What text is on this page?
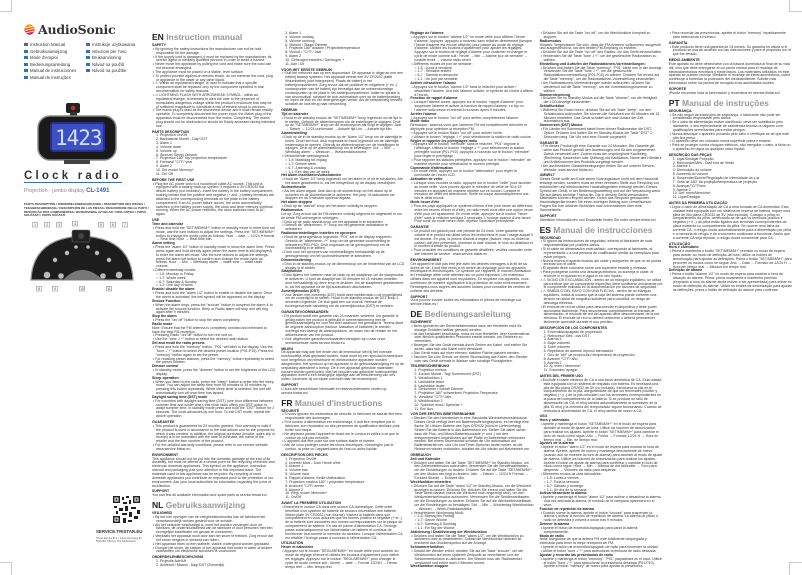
AudioSonic
Instruction Manual	Instrukcje użytkowania
Gebruiksaanwijzing	Istruzioni per l'uso
Mode d'emploi	Bruksanvisning
Bedienungsanleitung	Návod na použití
Manual de instrucciones	Návod na použitie
Manual de instruções
1423
Clock radio
Projection - jumbo display CL-1491
PARTS DESCRIPTION / ONDERDELENBESCHRIJVING / DESCRIPTION DES PIÈCES / TEILEBESCHREIBUNG / DESCRIPCIÓN DE LAS PIEZAS / DESCRIZIONE DELLE PARTI / DESCRIÇÃO DOS COMPONENTES / BESKRIVNING AV DELAR / OPIS CZĘŚCI / POPIS SOUČÁSTÍ / POPIS SÚČASTÍ
1	2	3	4	5	6	7
8	9	10	11
SERVICE.TRISTAR.EU
Tristar Europe B.V. | Jules Verneweg 87,
5015 BH Tilburg | The Netherlands
EN Instruction manual
SAFETY
• By ignoring the safety instructions the manufacturer can not be hold responsible for the damage.
• If the supply cord is damaged, it must be replaced by the manufacturer, its service agent or similarly qualified persons in order to avoid a hazard.
• Never move the appliance by pulling the cord and make sure the cord can not become entangled.
• The appliance must be placed on a stable, level surface.
• To protect yourself against an electric shock, do not immerse the cord, plug or appliance in the water or any other liquid.
• ⚠ Within an equilateral triangle, is used to indicate that a specific component shall be replaced only by the component specified in that documentation for safety reasons.
• ⚠ LIGHTNING FLASH WITH ARROWHEAD SYMBOL - within an equilateral triangle, is intended to alert the user to the presence of uninsulated dangerous voltage within the product's enclosure that may be of sufficient magnitude to constitute a risk of electric shock to persons.
• The mains plug is used as the disconnect device and it shall remain readily operable. To completely disconnect the power input, the Mains plug of the apparatus must be disconnected from the mains. Completely. The mains plug should not be obstructed or should be Easily accessed during intended use.
PARTS DESCRIPTION
1. Projection On/Off
2. Backwards/ Month - Day/ DST
3. Alarm 1
4. Volume down
5. Volume up
6. Snooze/ Sleep/ Dimmer
7. Projection 180° flip/ projection temperature
8. Forward/ °C/°F/ year
9. Alarm 2
10. Set mode/ Memory+
11. On/ Off
BEFORE THE FIRST USE
• Plug the AC power cord to a household outlet AC source. This unit is equipped with a battery back-up system; it requires a 3V CR2032 flat lithium battery (not included). Insert the battery in the battery compartment, making certain that the positive and negative (+ and -) battery terminals are attached to the corresponding terminals on the plate in the battery compartment. If an AC power failure occurs, the clock automatically switches to the battery power supply, the clock and timer memory continue running. When the AC power resumes, the clock switches back to AC again.
USE
Time and calendar
• Press and hold the "SET/MEM/M+" button in standby mode to enter time set mode, use the tune buttons to adjust the settings. Press the "SET/MEM/M+" button to change the mode cycle as follows: Year → date → 12/24 H format → Real time Hour → Real time Min.
Alarm setting
• Press the "alarm 1/2" button in standby mode to show the alarm time. Press, press again and hold directly again (when the alarm time is still displayed) to enter the alarm set mode. Use the tune buttons to adjust the settings, press the alarm set button to confirm and change the mode cycle as follows: Hour → Min → Weekday alarm → wake tone → wake radio volume.
• Different weekday modes:
○ 1-5: Monday to Friday
○ 1-7: Whole week
○ 6-7: Saturday & Sunday
○ 1-1: One day of week
Enable/ disable the alarm
• Press and hold the "alarm 1/2" button to enable or disable the alarm. Once the alarm is activated, the bell symbol will be appeared on the display.
Snooze Function
• When the alarm rings, press the "snooze" button to suspend the alarm & to activate the snooze function. Beep or Radio alarm will stop and will ring again after 9 minutes.
Stop the alarm
• Press the "on/ off" button to stop the alarm completely.
Radio mode
Note: Ensure that the FM antenna is completely unrolled and extended to have the best FM reception.
• Pressing Radio "on/ off" button to turn the unit on.
• Use the "tune -/ +" button to select the desired radio station.
Set and recall the radio presets
• Press and hold the "memory" button. "P01" will blink in the display. Use the "tune -/ +" button to select the desired preset location (P01-P10). Press the "memory" button again to set the preset.
• For recalling preset stations, press the "memory" button repeatedly to select the preset number.
Dimmer control
• In standby mode, press the "dimmer" button to set the brightness of the LCD display.
Sleep operation
• When you listen to the radio, press the "sleep" button to enter into the sleep mode. You can adjust the sleep time from 90 minutes to 15 minutes by pressing this button repeatedly. When sleep timer is selected, the unit will automatically turn off once time has lapsed.
Daylight saving time (DST) mode
• For countries with daylight saving time (DST) (one hour difference between summer time and winter time), this clock radio offers you DST option to adapt summer time. In standby mode press and hold the "DST" button for 2 seconds. The clock advances by one hour. To exit DST mode, repeat the above operation.
GUARANTEE
• This product is guaranteed for 24 months granted. Your warranty is valid if the product is used in accordance to the instructions and for the purpose for which it was created. In addition, the original purchase (invoice, sales slip or receipt) is to be submitted with the date of purchase, the name of the retailer and the item number of the product.
• For the detailed warranty conditions, please refer to our service website: www.service.tristar.eu
ENVIRONMENT
This appliance should not be put into the domestic garbage at the end of its durability, but must be offered at a central point for the recycling of electric and electronic domestic appliances. This symbol on the appliance, instruction manual and packaging puts your attention to this important issue. The materials used in this appliance can be recycled. By recycling of used domestic appliances you contribute an important push to the protection of our environment. Ask your local authorities for information regarding the point of recollection.
SUPPORT
You can find all available information and spare parts at service.tristar.eu!
NL Gebruiksaanwijzing
VEILIGHEID
• Bij het niet opvolgen van de veiligheidsinstructies kan de fabrikant niet verantwoordelijk worden gesteld voor de schade.
• Als het netsnoer beschadigd is, moet het worden vervangen door de fabrikant, de onderhoudsdienst van de fabrikant of door personen met een soortgelijke kwalificatie om gevaar te voorkomen.
• Verplaats het apparaat nooit door aan het snoer te trekken. Zorg ervoor dat het snoer nergens in verward kan raken.
• Het apparaat moet op een stabiele, vlakke ondergrond worden geplaatst.
• Dompel het snoer, de stekker of het apparaat niet onder in water of andere vloeistoffen om elektrische schokken te voorkomen.
ONDERDELENBESCHRIJVING
1. Projectie Aan/Uit
2. Achteruit / Maand - Dag/ DST (Zomertijd)
3. Alarm 1
4. Volume omlaag
5. Volume omhoog
6. Sluimer / Slaap/ Dimmer
7. Projectie 180° draaien / Projectietemperatuur
8. Vooruit / °C/°F / Jaar
9. Alarm 2
10. Geheugen instellen / Geheugen +
11. Aan / Uit
VOOR HET EERSTE GEBRUIK
• Sluit het netsnoer aan op een stopcontact. Dit apparaat is uitgerust met een batterij backup systeem. Het apparaat vereist een 3V CR2032 platte lithiumbatterij (niet inbegrepen). Plaats de batterij in het batterijcompartiment. Zorg ervoor dat de positieve en negatieve (+ en -) contactpunten van de batterij zijn bevestigd aan de overeenkomstige contactpunten op de plaat in het batterijcompartiment. Indien er sprake is van stroomuitval, schakelt de klok automatisch over op de batterijvoeding en lopen de klok en het timergeheugen verder. Als de netspanning herstelt, schakelt de klok terug naar netvoeding.
GEBRUIK
Tijd en kalender
• Houd in de standby-modus de "SET/MEM/M+" knop ingedrukt om de tijd in te stellen. Gebruik de afstemknoppen om de instellingen te wijzigen. Druk op de "SET/MEM/M+" knop om de moduscyclus als volgt te wijzigen: Jaar → Datum → 12/24 uurformaat → Actuele tijd Uur → Actuele tijd Min.
Alarminstelling
• Druk op de in de standby-modus op de "Alarm 1/2" knop om de alarmtijd te tonen. Druk hem kort, druk nogmaals en houd ingedrukt om de alarmtijd-instelmodus te openen. Gebruik de afstemknoppen om de instellingen te wijzigen. Druk op de alarminstelknop om te bevestigen: Uur → Min. → Weekdag alarm → Wektoon → Wekkerradiovolume.
• Verschillende weekdagmodi:
○ 1-5: Maandag tot vrijdag
○ 1-7: Gehele week
○ 6-7: Zaterdag & zondag
○ 1-1: Een dag van de week
Het alarm inschakelen/uitschakelen
• Houd de "Alarm 1/2" knop ingedrukt om het alarm in of uit te schakelen. Als het alarm geactiveerd is, zal het belsymbool op de display verschijnen.
Sluimerfunctie
• Als het alarm afgaat, druk dan op de sluimerknop om het alarm op te schorten en de sluimerfunctie te activeren. Het piep- of radioalarm zal stoppen en na 9 minuten opnieuw afgaan.
Het alarm stoppen
• Druk op de "aan/uit" knop om het alarm volledig te stoppen.
Radiomodus
Let op: Zorg ervoor dat de FM-antenne volledig uitgerold en uitgestrekt is om de beste FM-ontvangst te verkrijgen.
• Druk op de radio aan/uit-knop om het apparaat in te schakelen.
• Gebruik de "afstemmen -/+" knop om het gewenste radiostation te selecteren.
Radiovoorinstellingen instellen en oproepen
• Houd de geheugenknop ingedrukt. "P01" zal in de display knipperen. Gebruik de "afstemmen -/+" knop om de gewenste voorinstelling te selecteren (P01-P10). Druk nogmaals op de geheugenknop om de voorinstelling in te stellen.
• Druk voor het oproepen van voorinstellingen herhaaldelijk op de geheugenknop om het voorinstelnummer te selecteren.
Dimmerbediening
• Druk in de standby-modus op de dimmerknop om de helderheid van de LCD display in te stellen.
Slaapfunctie
• Druk tijdens het luisteren naar de radio op de slaapknop om de slaapmodus te activeren. U kunt de slaaptijd van 90 minuten tot 15 minuten instellen door herhaaldelijk op deze knop te drukken. Als de slaaptimer geselecteerd is, zal het apparaat na de tijd automatisch uitschakelen.
Zomertijdmodus (DST)
• Voor landen met zomertijd (DST) biedt deze wekkerradio u de mogelijkheid om de zomertijd in te stellen. Houd in de standby-modus de DST-knop 2 seconden ingedrukt. De klok gaat één uur vooruit. Herhaal de bovengenoemde handeling om de zomertijdmodus (DST) te verlaten.
GARANTIEVOORWAARDEN
• Dit product wordt een garantie van 24 maanden verleend. Uw garantie is geldig indien het product is gebruikt in overeenstemming met de gebruiksaanwijzing en voor het doel waarvoor het gemaakt is. Tevens dient de originele aankoopbon (factuur, kassabon of kwitantie) te worden overlegd met daarop de aankoopdatum, de naam van de retailer en het artikelnummer van het product.
• Voor uitgebreide garantievoorwaarden verwijzen wij u naar onze servicewebsite: www.service.tristar.eu
MILIEU
Dit apparaat mag aan het einde van de levensduur niet bij het normale huishoudelijk afval geplaatst worden, maar moet bij een speciaal inzamelpunt voor hergebruik van elektrische en elektronische apparaten worden aangeboden. Het symbool op het apparaat, in de gebruiksaanwijzing en op de verpakking attendeert u hierop. De in het apparaat gebruikte materialen kunnen worden gerecycled. Met het recyclen van gebruikte huishoudelijke apparaten levert u een belangrijke bijdrage aan de bescherming van ons milieu. Informeer bij uw lokale overheid naar het inzamelpunt.
SUPPORT
U kunt alle beschikbare informatie en reserveonderdelen vinden op service.tristar.eu!
FR Manuel d'instructions
SÉCURITÉ
• Si vous ignorez les instructions de sécurité, le fabricant ne saurait être tenu responsable des dommages.
• Si le cordon d'alimentation est endommagé, il doit être remplacé par le fabricant, son réparateur ou des personnes de qualification similaire pour éviter tout risque.
• Ne déplacez jamais l'appareil en tirant sur le cordon et veillez à ce que le cordon ne soit pas entortillé.
• L'appareil doit être posé sur une surface stable et nivelée.
• Afin de vous protéger contre les chocs électriques, n'immergez pas le cordon, la prise ou l'appareil dans de l'eau ou autre liquide.
DESCRIPTION DES PIÈCES
1. Projection On/Off
2. Inversé/ Mois - Jour/ Heure d'été
3. Alarme 1
4. Volume bas
5. Volume haut
6. Rappel d'alarme /Veille /Atténuation
7. Projection rotation 180° / projection température
8. Avancer/ °C/°F/ année
9. Alarme 2
10. Régl. mode/ Mémoire+
11. On/Off
AVANT LA PREMIÈRE UTILISATION
• Branchez le cordon CA dans une source CA domestique. Cette unité bénéficie d'un système de batterie de secours nécessitant une batterie lithium plate 3V CR2032 (non fournie). Insérez la batterie dans son compartiment en vous assurant que les bornes positive et négative (+ et -) de la batterie sont associées aux bornes correspondantes sur la plaque du compartiment de batterie. En cas de panne d'alimentation CA, l'horloge passe automatiquement sur l'alimentation de batterie et continue de fonctionner tout comme la mémoire du minuteur. Lorsque l'alimentation CA est rétablie, l'horloge passe à nouveau à l'alimentation CA.
UTILISATION
Heure et calendrier
• Appuyez sur le bouton "RÉGL/MÉM/M+" en mode veille pour accéder au mode de réglage d'heure et utilisez les boutons d'ajustement pour définir les réglages. Appuyez sur le bouton "RÉGL/MÉM/M+" pour changer le cycle de mode comme suit : Année → date → Format 12/24H → Heure temps réel → Min. temps réel.
Réglage de l'alarme
• Appuyez sur le bouton "alarme 1/2" en mode veille pour afficher l'heure d'alarme. Appuyez, appuyez à nouveau sans relâcher directement (lorsque l'heure d'alarme est encore affichée) pour passer au mode de réglage d'alarme. Utilisez les boutons d'ajustement pour ajuster les réglages. Appuyez sur le bouton de réglage d'alarme pour confirmer et changer le cycle de mode comme suit : Heure → Min → Alarme jour de semaine → tonalité réveil → volume radio réveil.
• Différents modes de jour de semaine :
○ 1-5 : Lundi à vendredi
○ 1-7 : Semaine entière
○ 6-7 : Samedi et dimanche
○ 1-1 : Un jour par semaine
Activer /désactiver l'alarme
• Appuyez sur le bouton "alarme 1/2" sans le relâcher pour activer / désactiver l'alarme. Une fois l'alarme activée, le symbole de cloche s'affiche à l'écran.
Fonction de rappel d'alarme
• Lorsque l'alarme sonne, appuyez sur le bouton "rappel d'alarme" pour suspendre l'alarme et activer la fonction de rappel d'alarme. Le bip ou l'alarme radio cesse et retentit à nouveau après 9 minutes.
Arrêter l'alarme
• Appuyez sur le bouton "on/ off" pour arrêter complètement l'alarme.
Mode radio
Remarque : assurez-vous que l'antenne FM est complètement déroulée et déployée pour optimiser la réception FM.
• Appuyez sur le bouton Radio "on/ off" pour activer l'unité.
• Utilisez le bouton "réglage -/ +" pour sélectionner la station de radio voulue.
Régler et rappeler les préréglages radio
• Appuyez sur le bouton "mémoire" sans le relâcher. "P01" clignote à l'affichage. Utilisez le bouton "réglage -/ +" pour sélectionner la station préréglée voulue (P01-P10). Appuyez à nouveau sur le bouton "mémoire" pour régler le préréglage.
• Pour rappeler les stations préréglées, appuyez sur le bouton "mémoire" de manière répétée pour sélectionner le numéro préréglé.
Commande d'atténuation
• En mode veille, appuyez sur le bouton "atténuation" pour régler la luminosité de l'écran LCD.
Activation de veille
• Lorsque vous écoutez la radio, appuyez sur le bouton "veille" pour accéder au mode veille. Vous pouvez ajuster le minuteur de veille de 90 à 15 minutes en appuyant de manière répétée sur ce bouton. Lorsque le minuteur de veille est sélectionné, l'unité se coupe automatiquement une fois le délai écoulé.
Mode heure d'été
• Pour les pays appliquant un système d'heure d'été (une heure de différence entre les heures d'hiver et d'été), ce radio réveil vous offre une option heure d'été pour cet ajustement. En mode veille, appuyez sur le bouton "heure d'été" sans le relâcher pendant 2 secondes. L'horloge avance d'une heure. Pour sortir du mode heure d'été, répétez l'opération précédente.
GARANTIE
• Ce produit est garanti pour une période de 24 mois. Votre garantie est valable si le produit est utilisé selon les instructions et pour l'usage auquel il est destiné. En plus, la preuve d'achat d'origine (facture, reçu ou ticket de caisse) doit être présentée, montrant la date d'achat, le nom du détaillant et le numéro d'article du produit.
• Pour consulter les conditions de garantie détaillées, veuillez consulter notre site Internet de service : www.service.tristar.eu
ENVIRONNEMENT
Cet appareil ne doit pas être jeté avec les déchets ménagers à la fin de sa durée de vie, il doit être remis à un centre de recyclage pour les appareils électriques et électroniques. Ce symbole sur l'appareil, le manuel d'utilisation et l'emballage attire votre attention sur ce point important. Les matériaux utilisés dans cet appareil sont recyclables. En recyclant vos appareils, vous contribuez de manière significative à la protection de notre environnement. Renseignez-vous auprès des autorités locales pour connaître les centres de collecte des déchets.
SUPPORT
Vous pouvez trouver toutes les informations et pièces de rechange sur service.tristar.eu !
DE Bedienungsanleitung
SICHERHEIT
• Beim Ignorieren der Sicherheitshinweise kann der Hersteller nicht für etwaige Schäden haftbar gemacht werden.
• Ist das Netzkabel beschädigt, muss es vom Hersteller, dem Kundendienst oder ähnlich qualifizierten Personen ersetzt werden, um Gefahren zu vermeiden.
• Bewegen Sie das Gerät niemals durch Ziehen am Kabel, und stellen Sie sicher, dass sich das Kabel nicht verwickelt.
• Das Gerät muss auf einer ebenen, stabilen Fläche platziert werden.
• Tauchen Sie zum Schutz vor einem Stromschlag das Kabel, den Stecker oder das Gerät niemals in Wasser oder sonstige Flüssigkeiten.
TEILEBESCHREIBUNG
1. Projektion ein/aus
2. Zurück/ Monat - Tag/ Sommerzeit (DST)
3. Weckfunktion 1
4. Lautstärke leiser
5. Lautstärke lauter
6. Schlummer / Schlaf/ Dimmer
7. Projektion 180° schwenken/ Projektion Temperatur
8. Vorwärts/ °C/°F/ Jahr
9. Weckfunktion 2
10. Speicher einst./ Speicher +
11. Ein/ Aus
VOR DER ERSTEN INBETRIEBNAHME
• Stecken Sie den Netzstecker in eine Haushalts-Wechselstromsteckdose. Dieses Gerät verfügt über ein Batteriepufferungssystem; es benötigt eine flache 3V Lithium Batterie des Typs CR2032 (nicht im Lieferumfang). Setzen Sie die Batterie in das Batteriefach ein. Stellen Sie dabei sicher, dass die Plus- und Minus-Batteriekontakte (+ und -) mit den entsprechenden Anschlüssen auf der Platte im Batteriefach verbunden werden. Bei einem Stromausfall schaltet die Uhr automatisch auf Batteriebetrieb um, und Uhr und Timer-Speicher laufen weiter. Ist der Netzstrom wieder vorhanden, schaltet die Uhr wieder auf Netzbetrieb um.
GEBRAUCH
Zeit und Kalender
• Drücken und halten Sie die Taste "SET/MEM/M+" im Standby-Modus, um den Zeiteinstellmodus aufzurufen. Verwenden Sie die Senderwahltasten, um die Einstellungen zu ändern. Drücken Sie auf die Taste "SET/MEM/M+", um den Modus wie folgt zu ändern: Jahr → Datum → 12/24 H Format → Echtzeit Stunde → Echtzeit Min.
Weckfunktion einstellen
• Drücken Sie auf die Taste "alarm 1/2" im Standby-Modus, um die Weckzeit anzeigen zu lassen. Drücken Sie, drücken Sie erneut und halten Sie die Taste direkt danach (wenn die Weckzeit noch angezeigt wird), um den Weckzeiteinstellmodus aufzurufen. Verwenden Sie die Senderwahltasten, um die Einstellungen zu ändern. Drücken Sie auf die Weckzeiteinstelltaste, um die Einstellungen zu bestätigen: Std → Min → Wochentag Weckfunktion → Wecken → Weck-Radiolautstärke.
• Verschiedene Wochentag-Modi:
○ 1-5: Montag bis Freitag
○ 1-7: Ganze Woche
○ 6-7: Samstag & Sonntag
○ 1-1: Ein Tag der Woche
Aktivierung / Deaktivierung der Weckfunktion
• Drücken und halten Sie die Taste "alarm 1/2", um die Weckfunktion zu aktivieren oder zu deaktivieren. Sobald die Weckfunktion aktiviert ist, erscheint das Glockensymbol auf der Anzeige.
Schlummerfunktion
• Sobald der Wecker ertönt, drücken Sie auf die Taste "snooze", um die Weckfunktion auf einen späteren Zeitpunkt zu verschieben und die Schlummerfunktion zu aktivieren. Der Wecker bzw. der Radiowecker verstummt und ertönt nach 9 Minuten erneut.
Weckfunktion stoppen
• Drücken Sie auf die Taste "on/ off", um die Weckfunktion komplett zu stoppen.
Radiomodus
Hinweis: Vergewissern Sie sich, dass die FM-Antenne vollkommen ausgerollt und ausgestreckt ist, um den besten FM-Empfang zu erzielen.
• Drücken Sie auf die Taste "on/ off" des Radios, um das Gerät einzuschalten.
• Verwenden Sie die Taste "tune -/ +", um die gewünschte Radiostation zu wählen.
Einstellung und Aufrufen der Radiostationen-Voreinstellungen:
• Drücken und halten Sie die Taste "memory". "P01" blinkt nun in der Anzeige. Verwenden Sie die Taste "tune -/ +", um die gewünschte Radiostationsvoreinstellung (P01-P10) zu wählen. Drücken Sie erneut auf die Taste "memory", um die Radiostationen-Voreinstellung einzustellen.
• Um Radiostationen-Voreinstellungen wieder aufzurufen, drücken Sie wiederholt auf die Taste "memory", um die Voreinstellungsnummer zu wählen.
Dimmersteuerung
• Drücken Sie im Standby-Modus auf die Taste "dimmer", um die Helligkeit der LCD-Anzeige einzustellen.
Schlaffunktion
• Während Sie Radio hören, drücken Sie auf die Taste "sleep", um den Schlafmodus aufzurufen. Sie können die Schlafzeit von 90 Minuten bis 15 Minuten einstellen. Das Gerät schaltet sich nach Ablauf der Zeit automatisch aus.
Sommerzeit (DST) Modus
• Für Länder mit Sommerzeit bietet Ihnen dieser Radiowecker die DST-Option. Drücken und halten Sie im Standby-Modus die Taste "DST" 2 Sekunden lang. Die Uhr wird eine Stunde vorgestellt.
GARANTIE
• Für dieses Produkt gilt eine Garantie von 24 Monaten. Die Garantie gilt, wenn das Produkt gemäß den Anweisungen und für den vorgesehenen Zweck verwendet wird. Zudem muss der ursprüngliche Kaufbeleg (Rechnung, Kassenbon oder Quittung) mit Kaufdatum, Name des Händlers und Artikelnummer des Produkts vorgelegt werden.
• Die ausführlichen Garantiebedingungen finden Sie auf unserer Service-Website: www.service.tristar.eu
UMWELT
Dieses Gerät sollte am Ende seiner Nutzungsdauer nicht mit dem Hausmüll entsorgt werden, sondern muss an einer zentralen Stelle zum Recycling von elektrischen und elektronischen Haushaltsgeräten entsorgt werden. Dieses Symbol am Gerät, in der Bedienungsanleitung und auf der Verpackung weist Sie auf dieses wichtige Thema hin. Die in diesem Gerät verwendeten Materialien können recycelt werden. Durch das Recyceln gebrauchter Haushaltsgeräte leisten Sie einen wichtigen Beitrag zum Umweltschutz. Fragen Sie Ihre örtlichen Behörden nach Informationen über eine Sammelstelle.
SUPPORT
Sämtliche Informationen und Ersatzteile finden Sie unter service.tristar.eu!
ES Manual de instrucciones
SEGURIDAD
• Si ignora las instrucciones de seguridad, eximirá al fabricante de toda responsabilidad por posibles daños.
• Si el cable de alimentación está dañado, corresponde al fabricante, al representante o a una persona de cualificación similar su reemplazo para evitar peligros.
• Nunca mueva el aparato tirando del cable y asegúrese de que no se pueda enredar con el cable.
• El aparato debe colocarse sobre una superficie estable y nivelada.
• Para protegerse contra una descarga eléctrica, no sumerja el cable, el enchufe ni el aparato en el agua ni en otro líquido.
• ⚠ SIGNO DE EXCLAMACIÓN - dentro de un triángulo equilátero, se utiliza para indicar que un componente específico debe sustituirse únicamente por el componente indicado en la documentación por razones de seguridad.
• ⚠ SÍMBOLO DEL RAYO CON UNA FLECHA - dentro de un triángulo equilátero, indica al usuario que la caja del sistema puede contener una tensión sin aislar de magnitud suficiente para constituir un riesgo de descarga eléctrica.
• El enchufe de red se utiliza para desconectar el dispositivo y debe poder accionarse fácilmente. Para desconectar completamente la entrada de alimentación, el enchufe de red del aparato debe desconectarse de la red eléctrica. El enchufe de red no deberá obstruirse o deberá permanecer fácilmente accesible durante el uso previsto.
DESCRIPCIÓN DE LOS COMPONENTES
1. Encendido/apagado de proyección
2. Retroceso/ Mes - día/ DST
3. Alarma 1
4. Bajar volumen
5. Subir volumen
6. Repetición de alarma/ reposo/ atenuación
7. Giro de 180° de proyección/ temperatura de proyección
8. Avance/ °C/°F/ año
9. Alarma 2
10. Aj. mem./ Memoria+
11. Encender/ apagar
ANTES DEL PRIMER USO
• Enchufe el cable eléctrico de CA a una toma doméstica de CA. Esta unidad está equipada con un sistema de respaldo con batería. Es necesaria una pila de litio plana CR2032 de 3V (no incluida). Introduzca la pila en el compartimento de la pila, asegurándose de que los terminales positivo y negativo (+ y -) de la pila coinciden con los terminales correspondientes en la placa del compartimento de la batería. Si se produce un fallo de alimentación de CA, el reloj cambia automáticamente al suministro de la pila. El reloj y la memoria del temporizador siguen funcionando. Cuando se reanuda la alimentación de CA, el reloj cambia de nuevo a CA.
USO
Hora y calendario
• Apriete y mantenga el botón "SET/MEM/M+" en el modo de espera para acceder al modo de ajuste de hora. Utilice los botones de sintonización para realizar los ajustes. Apriete el botón "SET/MEM/M+" para cambiar el ciclo de modo como sigue: Año → Fecha → Formato 12/24 H → Hora en tiempo real → Min. en tiempo real.
Ajustes de la alarma
• Apriete el botón "alarm 1/2" en el modo de espera para mostrar la hora de alarma. Apriete, apriete de nuevo y mantenga directamente de nuevo (cuando aún se muestre la hora de alarma) para acceder al modo de ajuste de alarma. Utilice los botones de sintonización para realizar los ajustes. Apriete el botón de ajuste de alarma para confirmar y cambiar el ciclo de modo como sigue: Hora → Min → Alarma de día laborable → Tono para despertar → Volumen de radio para despertar.
• Diferentes modos de días laborables:
○ 1-5: Lunes a viernes
○ 1-7: Toda la semana
○ 6-7: Sábado y domingo
○ 1-1: Un día de la semana
Activar/desactivar la alarma
• Apriete y mantenga el botón "alarm 1/2" para activar o desactivar la alarma. Una vez activada la alarma, el símbolo de la campana aparecerá en el visor.
Función de repetición de alarma
• Cuando suene la alarma, apriete el botón "snooze" para suspender la alarma y activar la función de repetición de alarma. La alarma de pitido o radio se detendrá y volverá a sonar tras 9 minutos.
Detener la alarma
• Apriete el botón de encendido/apagado para parar la alarma completamente.
Modo de radio
Nota: Asegúrese de que la antena FM esté totalmente desplegada y extendida para tener la mejor recepción de FM.
• Apriete el botón de encendido/apagado de radio para encender la unidad.
• Utilice el botón "tune -/ +" para seleccionar la emisora de radio deseada.
Ajustar y recordar las presintonías de radio
• Apriete y mantenga el botón "memory". "P01" parpadeará en el visor. Utilice el botón "tune -/ +" para seleccionar la presintonía deseada (P01-P10). Apriete el botón "memory" de nuevo para ajustar la presintonía.
• Para recordar las presintonías, apriete el botón "memory" repetidamente para seleccionar el número.
GARANTÍA
• Este producto tiene una garantía de 24 meses. Su garantía es válida si el producto se usa de acuerdo con las instrucciones y para el propósito con el que fue creado.
MEDIO AMBIENTE
Este aparato no debe desecharse con la basura doméstica al final de su vida útil, sino que debe entregarse en un punto central para el reciclaje de electrodomésticos eléctricos y electrónicos. Los materiales utilizados en este aparato se pueden reciclar. Mediante el reciclaje de electrodomésticos, usted contribuye a fomentar la protección del medioambiente. Solicite más información sobre los puntos de recogida a las autoridades locales.
SOPORTE
¡Puede encontrar toda la información y recambios en service.tristar.eu!
PT Manual de instruções
SEGURANÇA
• Se não seguir as instruções de segurança, o fabricante não pode ser considerado responsável pelo danos.
• Se o cabo de alimentação estiver danificado, deve ser substituído pelo fabricante, o seu representante de assistência técnica ou alguém com qualificações semelhantes para evitar perigos.
• Nunca desloque o aparelho puxando pelo cabo e certifique-se de que este não fica preso.
• O aparelho deve ser colocado numa superfície plana e estável.
• Para se proteger contra choques elétricos, não mergulhe o cabo, a ficha ou o aparelho em água ou qualquer outro líquido.
DESCRIÇÃO DAS PEÇAS
1. Ligar/Desligar Projeção
2. Retroceder/Mês - Dia/Hora de Verão
3. Alarme 1
4. Diminuição do volume
5. Aumento do volume
6. Suspender/Dormir/Regulação de Intensidade da Luz
7. Volta de 180° da projeção/temperatura de projeção
8. Avançar/°C/°F/ano
9. Alarme 2
10. Def. mem/Memória+
11. Ligar/Desligar
ANTES DA PRIMEIRA UTILIZAÇÃO
• Ligue o cabo de alimentação de CA a uma tomada de CA doméstica. Esta unidade está equipada com um sistema de reserva de bateria, requer uma pilha de lítio plana CR2032 de 3V (não incluída). Coloque a pilha no compartimento da pilha, certificando-se de que os terminais positivo e negativo (+ e -) da pilha estão ligados aos terminais correspondentes da placa existente no compartimento da pilha. Se ocorrer uma falha da corrente CA, o relógio muda automaticamente para a alimentação por pilha e a memória do relógio e do cronómetro continuam a funcionar. Assim que a corrente CA seja reposta, o relógio muda novamente para CA.
UTILIZAÇÃO
Hora e calendário
• Prima e mantenha o botão "SET/MEM/M+" premido no modo de espera para aceder ao modo de definição da hora, utilize os botões de sintonização para ajustar as definições. Prima o botão "SET/MEM/M+" para percorrer os modos como se segue: Ano → Data → Formato de 12/24 H → Hora em tempo real → Minutos em tempo real.
Definição de alarme
• Prima o botão "alarme 1/2" no modo de espera para mostrar a hora de ativação do alarme. Prima, prima novamente e mantenha premido (enquanto a hora do alarme ainda estiver a ser apresentada) para entrar no modo de definição do alarme. Utilize os botões de sintonização para ajustar as definições, prima o botão de definição do alarme para confirmar.
